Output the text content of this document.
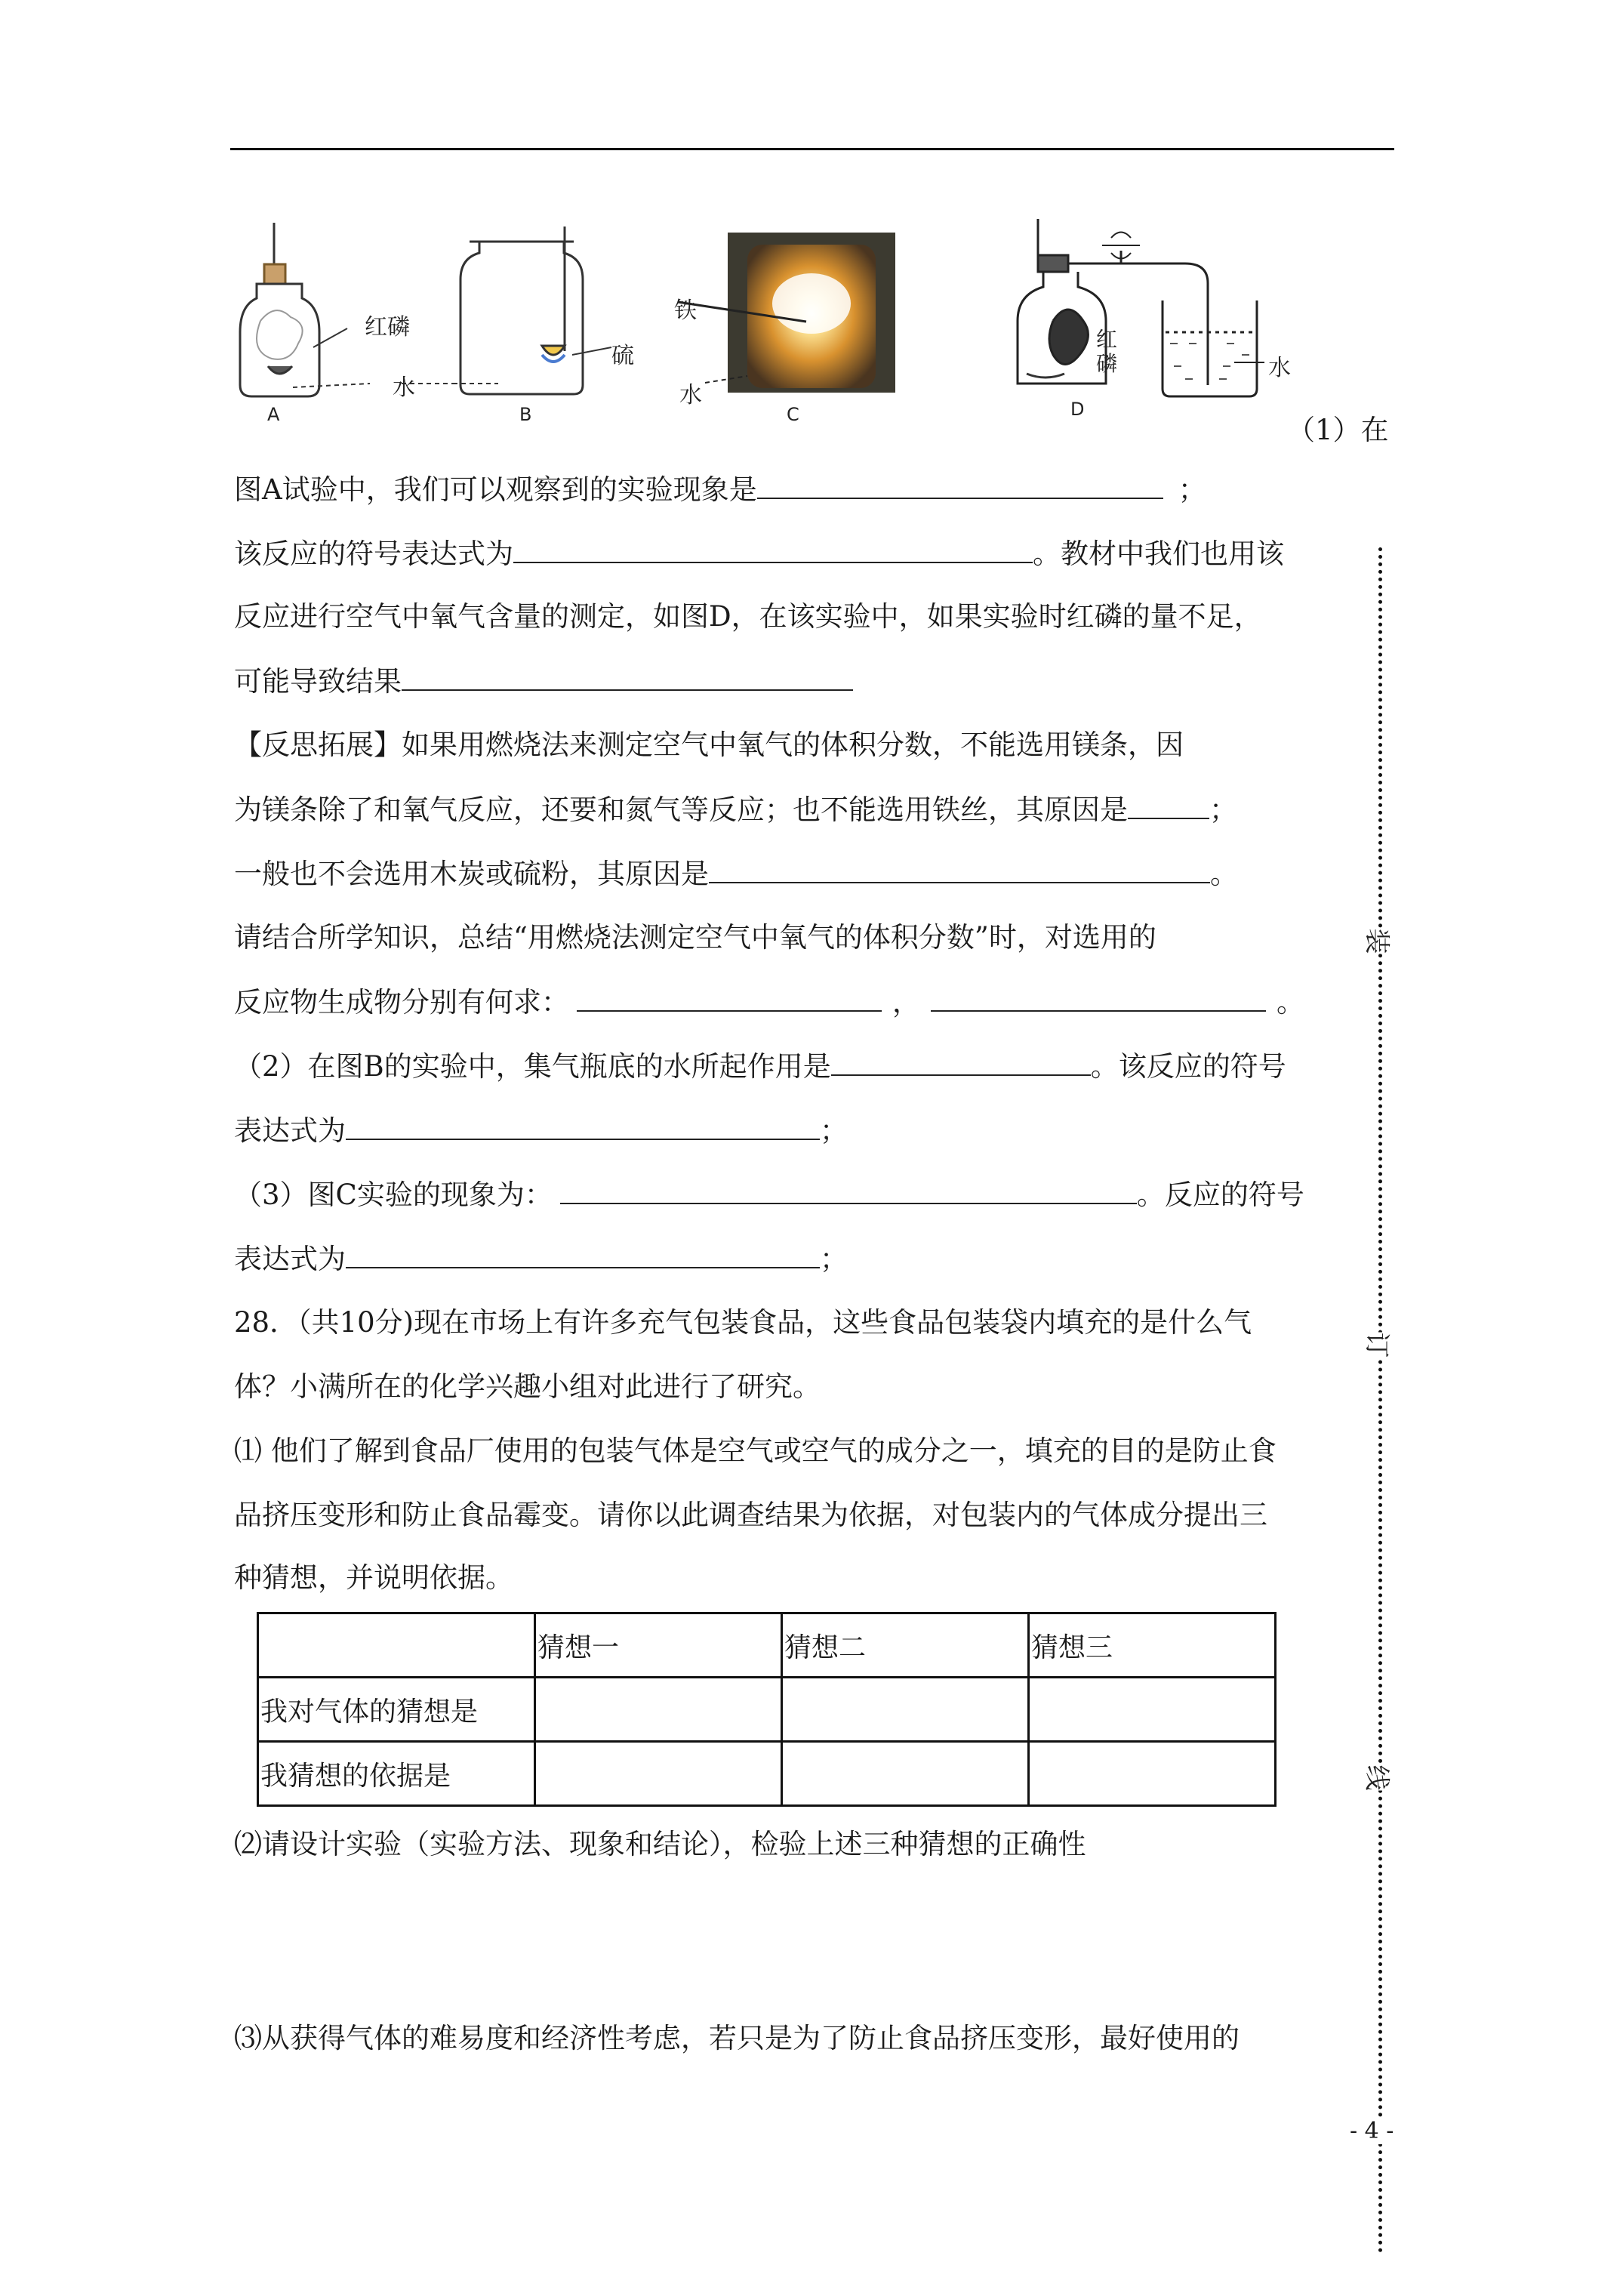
A	B	C	D
红磷
水
硫
铁
水
红
磷	水
（1）在
图A试验中，我们可以观察到的实验现象是	；
该反应的符号表达式为	。教材中我们也用该
反应进行空气中氧气含量的测定，如图D，在该实验中，如果实验时红磷的量不足，
可能导致结果
【反思拓展】如果用燃烧法来测定空气中氧气的体积分数，不能选用镁条，因
为镁条除了和氧气反应，还要和氮气等反应；也不能选用铁丝，其原因是	；
一般也不会选用木炭或硫粉，其原因是	。
请结合所学知识，总结“用燃烧法测定空气中氧气的体积分数”时，对选用的
反应物生成物分别有何求：	，	。
（2）在图B的实验中，集气瓶底的水所起作用是	。该反应的符号
表达式为	；
（3）图C实验的现象为：	。反应的符号
表达式为	；
28．（共10分)现在市场上有许多充气包装食品，这些食品包装袋内填充的是什么气
体？小满所在的化学兴趣小组对此进行了研究。
⑴ 他们了解到食品厂使用的包装气体是空气或空气的成分之一，填充的目的是防止食
品挤压变形和防止食品霉变。请你以此调查结果为依据，对包装内的气体成分提出三
种猜想，并说明依据。
	猜想一	猜想二	猜想三
我对气体的猜想是			
我猜想的依据是			
⑵请设计实验（实验方法、现象和结论），检验上述三种猜想的正确性
⑶从获得气体的难易度和经济性考虑，若只是为了防止食品挤压变形，最好使用的
装
订
线
- 4 -
